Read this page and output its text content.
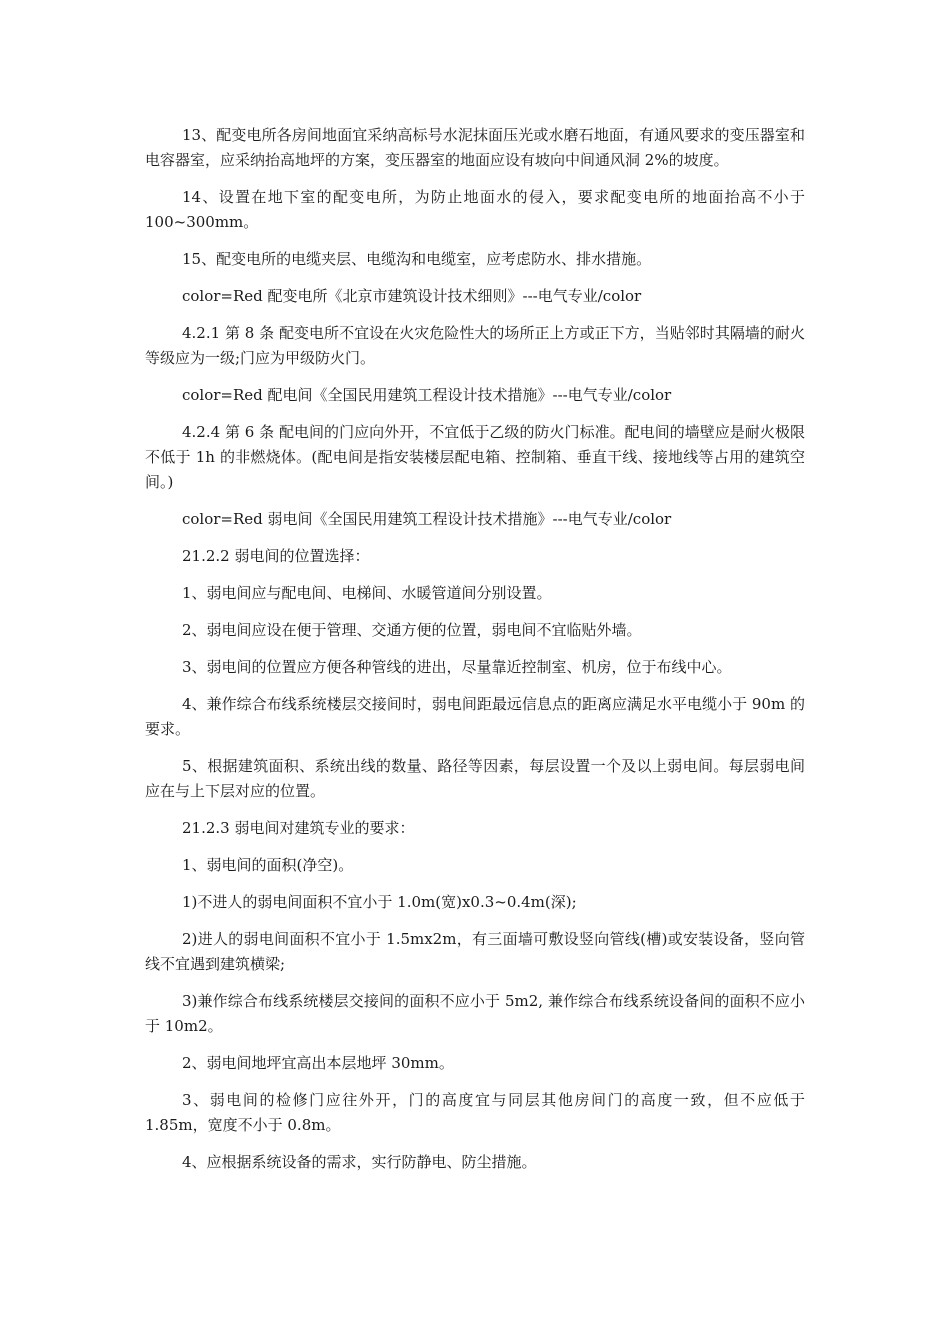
13、配变电所各房间地面宜采纳高标号水泥抹面压光或水磨石地面，有通风要求的变压器室和电容器室，应采纳抬高地坪的方案，变压器室的地面应设有坡向中间通风洞 2%的坡度。

14、设置在地下室的配变电所，为防止地面水的侵入，要求配变电所的地面抬高不小于 100~300mm。

15、配变电所的电缆夹层、电缆沟和电缆室，应考虑防水、排水措施。

color=Red 配变电所《北京市建筑设计技术细则》---电气专业/color

4.2.1 第 8 条 配变电所不宜设在火灾危险性大的场所正上方或正下方，当贴邻时其隔墙的耐火等级应为一级;门应为甲级防火门。

color=Red 配电间《全国民用建筑工程设计技术措施》---电气专业/color

4.2.4 第 6 条 配电间的门应向外开，不宜低于乙级的防火门标准。配电间的墙壁应是耐火极限不低于 1h 的非燃烧体。(配电间是指安装楼层配电箱、控制箱、垂直干线、接地线等占用的建筑空间。)

color=Red 弱电间《全国民用建筑工程设计技术措施》---电气专业/color

21.2.2 弱电间的位置选择：

1、弱电间应与配电间、电梯间、水暖管道间分别设置。

2、弱电间应设在便于管理、交通方便的位置，弱电间不宜临贴外墙。

3、弱电间的位置应方便各种管线的进出，尽量靠近控制室、机房，位于布线中心。

4、兼作综合布线系统楼层交接间时，弱电间距最远信息点的距离应满足水平电缆小于 90m 的要求。

5、根据建筑面积、系统出线的数量、路径等因素，每层设置一个及以上弱电间。每层弱电间应在与上下层对应的位置。

21.2.3 弱电间对建筑专业的要求：

1、弱电间的面积(净空)。

1)不进人的弱电间面积不宜小于 1.0m(宽)x0.3~0.4m(深);

2)进人的弱电间面积不宜小于 1.5mx2m，有三面墙可敷设竖向管线(槽)或安装设备，竖向管线不宜遇到建筑横梁;

3)兼作综合布线系统楼层交接间的面积不应小于 5m2, 兼作综合布线系统设备间的面积不应小于 10m2。

2、弱电间地坪宜高出本层地坪 30mm。

3、弱电间的检修门应往外开，门的高度宜与同层其他房间门的高度一致，但不应低于 1.85m，宽度不小于 0.8m。

4、应根据系统设备的需求，实行防静电、防尘措施。
